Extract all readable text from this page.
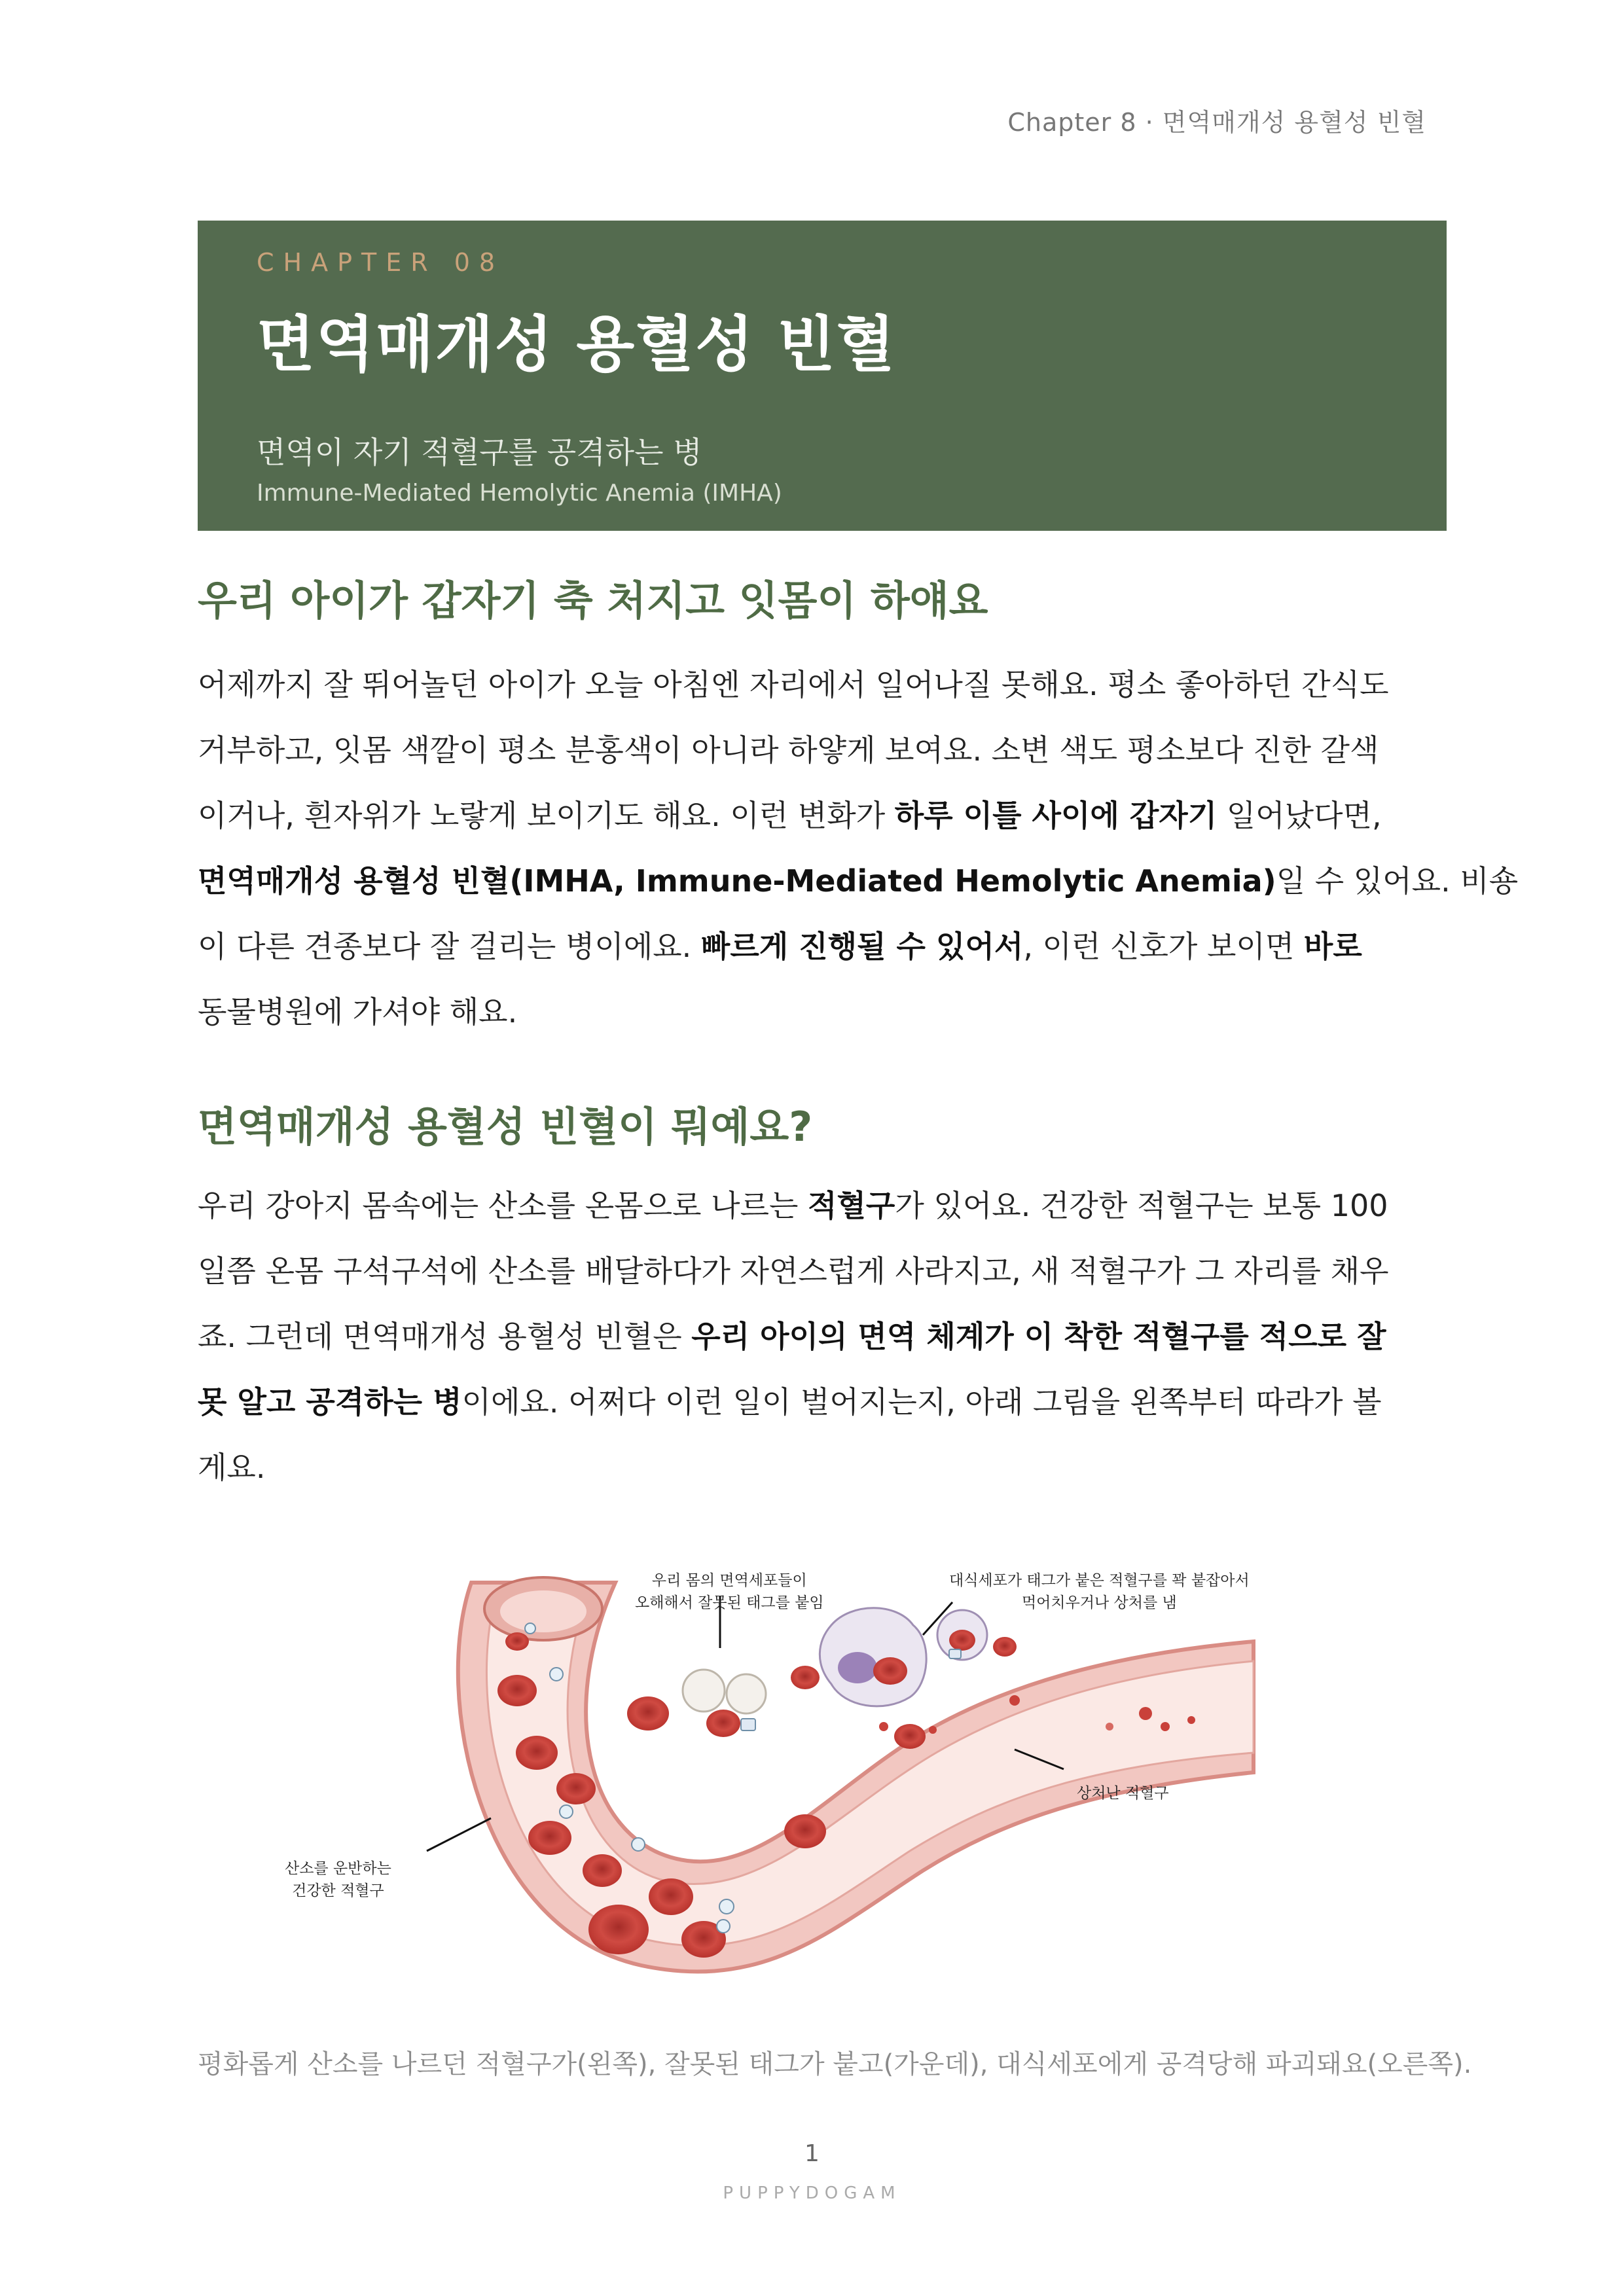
Chapter 8 · 면역매개성 용혈성 빈혈
CHAPTER 08
면역매개성 용혈성 빈혈
면역이 자기 적혈구를 공격하는 병
Immune-Mediated Hemolytic Anemia (IMHA)
우리 아이가 갑자기 축 처지고 잇몸이 하얘요
어제까지 잘 뛰어놀던 아이가 오늘 아침엔 자리에서 일어나질 못해요. 평소 좋아하던 간식도
거부하고, 잇몸 색깔이 평소 분홍색이 아니라 하얗게 보여요. 소변 색도 평소보다 진한 갈색
이거나, 흰자위가 노랗게 보이기도 해요. 이런 변화가 하루 이틀 사이에 갑자기 일어났다면,
면역매개성 용혈성 빈혈(IMHA, Immune-Mediated Hemolytic Anemia)일 수 있어요. 비숑
이 다른 견종보다 잘 걸리는 병이에요. 빠르게 진행될 수 있어서, 이런 신호가 보이면 바로
동물병원에 가셔야 해요.
면역매개성 용혈성 빈혈이 뭐예요?
우리 강아지 몸속에는 산소를 온몸으로 나르는 적혈구가 있어요. 건강한 적혈구는 보통 100
일쯤 온몸 구석구석에 산소를 배달하다가 자연스럽게 사라지고, 새 적혈구가 그 자리를 채우
죠. 그런데 면역매개성 용혈성 빈혈은 우리 아이의 면역 체계가 이 착한 적혈구를 적으로 잘
못 알고 공격하는 병이에요. 어쩌다 이런 일이 벌어지는지, 아래 그림을 왼쪽부터 따라가 볼
게요.
우리 몸의 면역세포들이
오해해서 잘못된 태그를 붙임
대식세포가 태그가 붙은 적혈구를 꽉 붙잡아서
먹어치우거나 상처를 냄
상처난 적혈구
산소를 운반하는
건강한 적혈구
평화롭게 산소를 나르던 적혈구가(왼쪽), 잘못된 태그가 붙고(가운데), 대식세포에게 공격당해 파괴돼요(오른쪽).
1
PUPPYDOGAM
